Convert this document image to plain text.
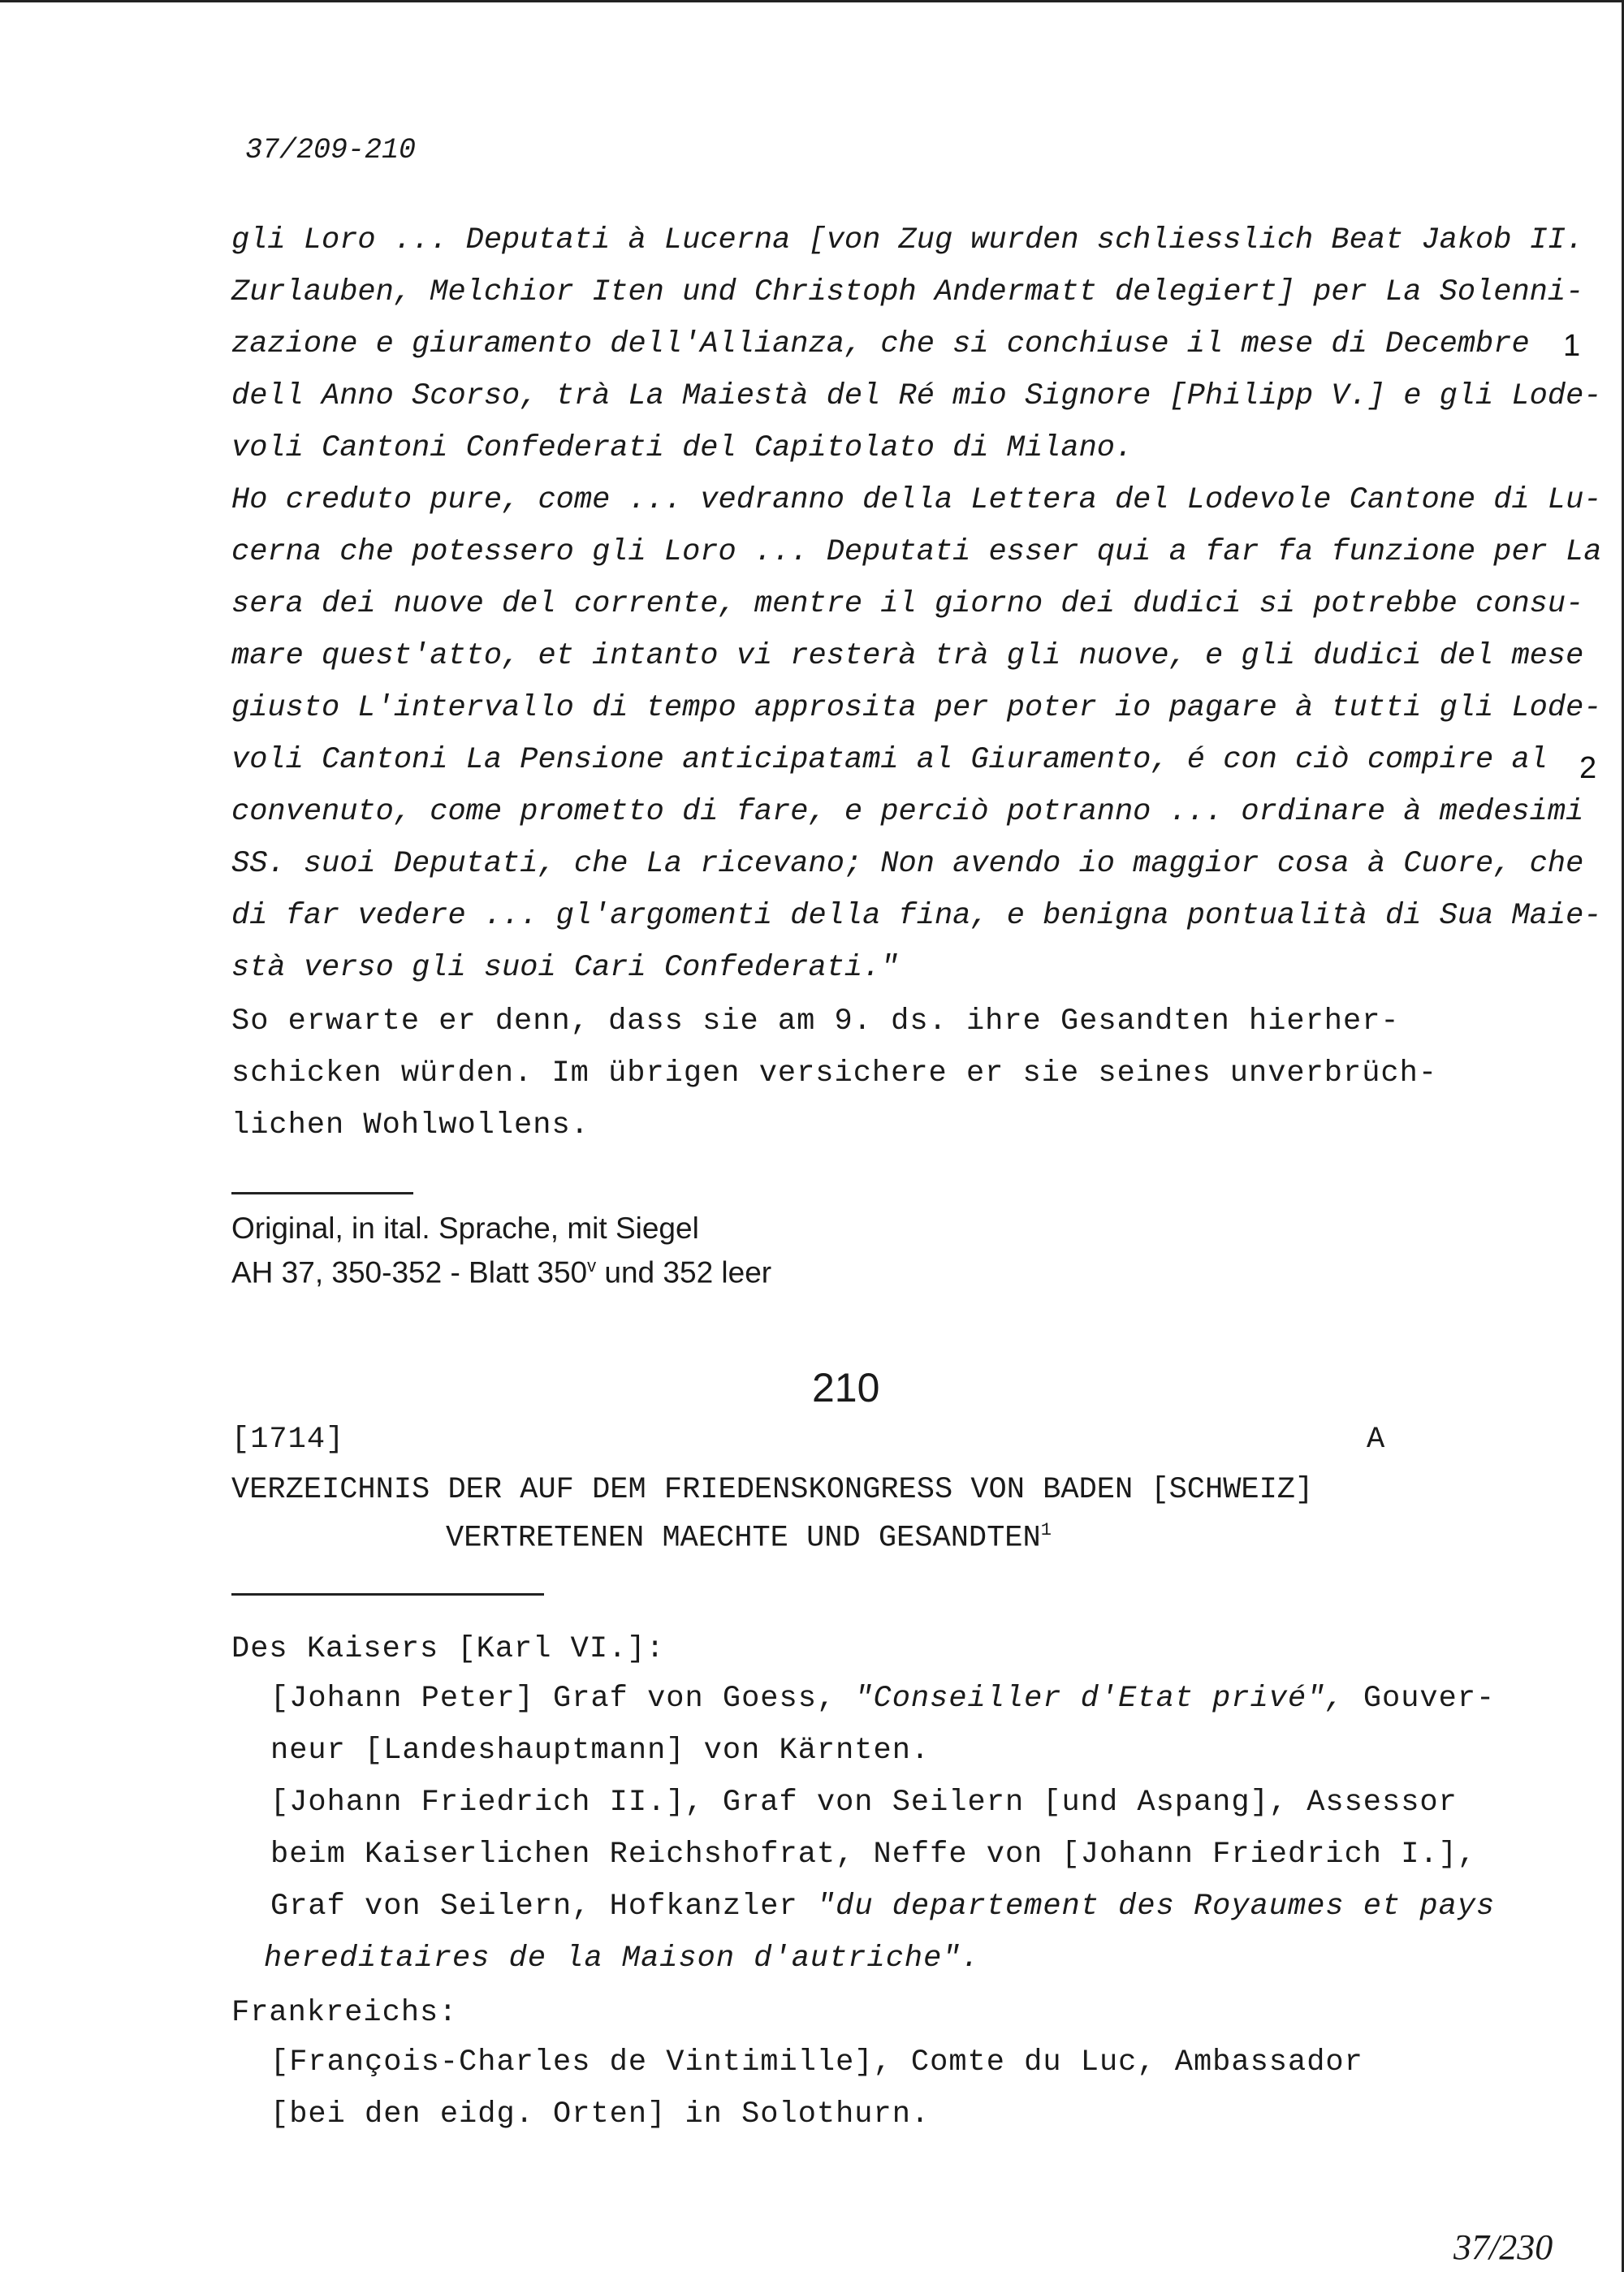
37/209-210

gli Loro ... Deputati à Lucerna [von Zug wurden schliesslich Beat Jakob II.

Zurlauben, Melchior Iten und Christoph Andermatt delegiert] per La Solenni-

zazione e giuramento dell'Allianza, che si conchiuse il mese di Decembre

dell Anno Scorso, trà La Maiestà del Ré mio Signore [Philipp V.] e gli Lode-

voli Cantoni Confederati del Capitolato di Milano.

Ho creduto pure, come ... vedranno della Lettera del Lodevole Cantone di Lu-

cerna che potessero gli Loro ... Deputati esser qui a far fa funzione per La

sera dei nuove del corrente, mentre il giorno dei dudici si potrebbe consu-

mare quest'atto, et intanto vi resterà trà gli nuove, e gli dudici del mese

giusto L'intervallo di tempo approsita per poter io pagare à tutti gli Lode-

voli Cantoni La Pensione anticipatami al Giuramento, é con ciò compire al

convenuto, come prometto di fare, e perciò potranno ... ordinare à medesimi

SS. suoi Deputati, che La ricevano; Non avendo io maggior cosa à Cuore, che

di far vedere ... gl'argomenti della fina, e benigna pontualità di Sua Maie-

stà verso gli suoi Cari Confederati."

1
2

So erwarte er denn, dass sie am 9. ds. ihre Gesandten hierher-

schicken würden. Im übrigen versichere er sie seines unverbrüch-

lichen Wohlwollens.

Original, in ital. Sprache, mit Siegel

AH 37, 350-352 - Blatt 350$^v$ und 352 leer

210
[1714]	A
VERZEICHNIS DER AUF DEM FRIEDENSKONGRESS VON BADEN [SCHWEIZ]
VERTRETENEN MAECHTE UND GESANDTEN$^1$
Des Kaisers [Karl VI.]:

[Johann Peter] Graf von Goess, "Conseiller d'Etat privé", Gouver-

neur [Landeshauptmann] von Kärnten.

[Johann Friedrich II.], Graf von Seilern [und Aspang], Assessor

beim Kaiserlichen Reichshofrat, Neffe von [Johann Friedrich I.],

Graf von Seilern, Hofkanzler "du departement des Royaumes et pays

hereditaires de la Maison d'autriche".

Frankreichs:

[François-Charles de Vintimille], Comte du Luc, Ambassador

[bei den eidg. Orten] in Solothurn.

37/230
